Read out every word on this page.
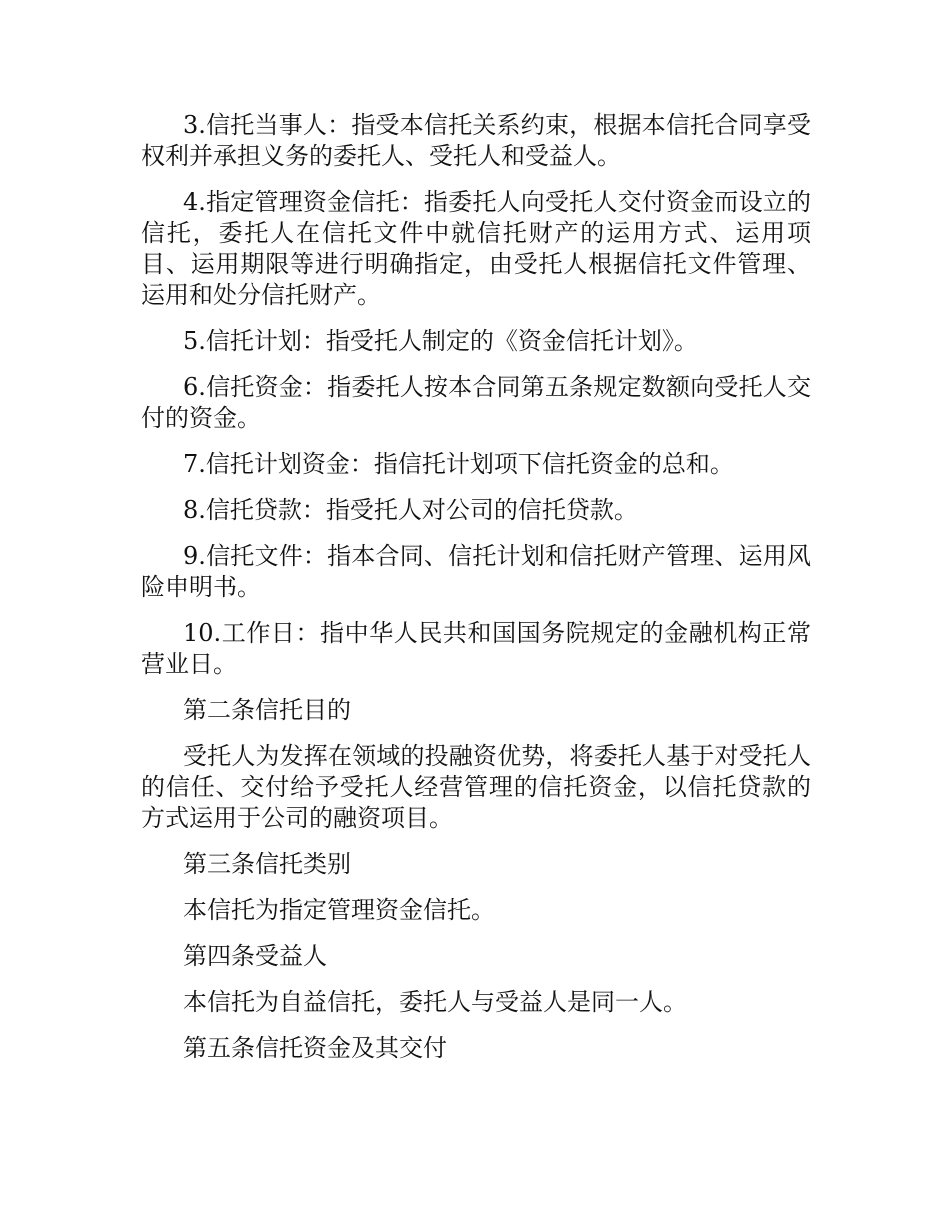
3.信托当事人：指受本信托关系约束，根据本信托合同享受权利并承担义务的委托人、受托人和受益人。

4.指定管理资金信托：指委托人向受托人交付资金而设立的信托，委托人在信托文件中就信托财产的运用方式、运用项目、运用期限等进行明确指定，由受托人根据信托文件管理、运用和处分信托财产。

5.信托计划：指受托人制定的《资金信托计划》。

6.信托资金：指委托人按本合同第五条规定数额向受托人交付的资金。

7.信托计划资金：指信托计划项下信托资金的总和。

8.信托贷款：指受托人对公司的信托贷款。

9.信托文件：指本合同、信托计划和信托财产管理、运用风险申明书。

10.工作日：指中华人民共和国国务院规定的金融机构正常营业日。

第二条信托目的

受托人为发挥在领域的投融资优势，将委托人基于对受托人的信任、交付给予受托人经营管理的信托资金，以信托贷款的方式运用于公司的融资项目。

第三条信托类别

本信托为指定管理资金信托。

第四条受益人

本信托为自益信托，委托人与受益人是同一人。

第五条信托资金及其交付
